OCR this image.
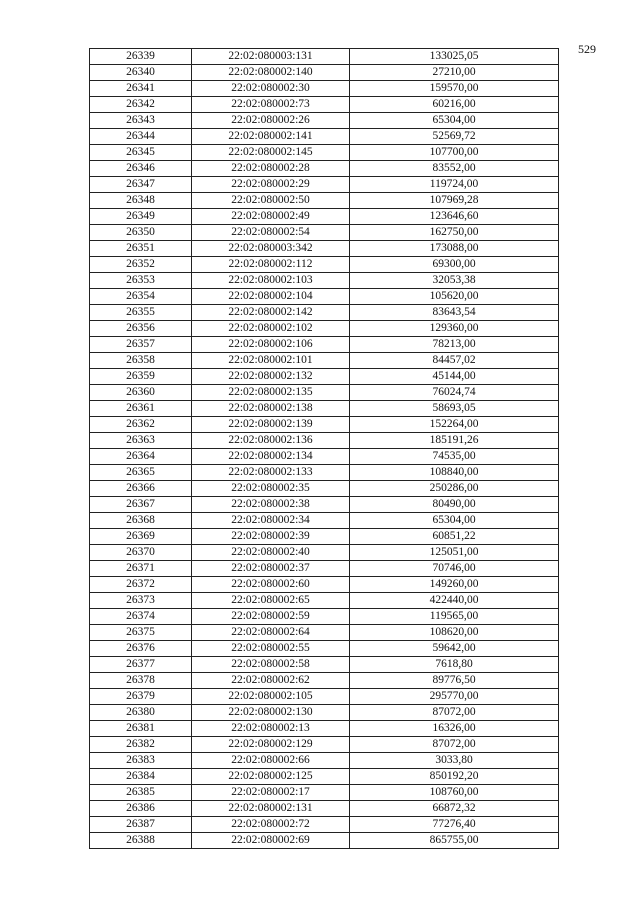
529
26339	22:02:080003:131	133025,05
26340	22:02:080002:140	27210,00
26341	22:02:080002:30	159570,00
26342	22:02:080002:73	60216,00
26343	22:02:080002:26	65304,00
26344	22:02:080002:141	52569,72
26345	22:02:080002:145	107700,00
26346	22:02:080002:28	83552,00
26347	22:02:080002:29	119724,00
26348	22:02:080002:50	107969,28
26349	22:02:080002:49	123646,60
26350	22:02:080002:54	162750,00
26351	22:02:080003:342	173088,00
26352	22:02:080002:112	69300,00
26353	22:02:080002:103	32053,38
26354	22:02:080002:104	105620,00
26355	22:02:080002:142	83643,54
26356	22:02:080002:102	129360,00
26357	22:02:080002:106	78213,00
26358	22:02:080002:101	84457,02
26359	22:02:080002:132	45144,00
26360	22:02:080002:135	76024,74
26361	22:02:080002:138	58693,05
26362	22:02:080002:139	152264,00
26363	22:02:080002:136	185191,26
26364	22:02:080002:134	74535,00
26365	22:02:080002:133	108840,00
26366	22:02:080002:35	250286,00
26367	22:02:080002:38	80490,00
26368	22:02:080002:34	65304,00
26369	22:02:080002:39	60851,22
26370	22:02:080002:40	125051,00
26371	22:02:080002:37	70746,00
26372	22:02:080002:60	149260,00
26373	22:02:080002:65	422440,00
26374	22:02:080002:59	119565,00
26375	22:02:080002:64	108620,00
26376	22:02:080002:55	59642,00
26377	22:02:080002:58	7618,80
26378	22:02:080002:62	89776,50
26379	22:02:080002:105	295770,00
26380	22:02:080002:130	87072,00
26381	22:02:080002:13	16326,00
26382	22:02:080002:129	87072,00
26383	22:02:080002:66	3033,80
26384	22:02:080002:125	850192,20
26385	22:02:080002:17	108760,00
26386	22:02:080002:131	66872,32
26387	22:02:080002:72	77276,40
26388	22:02:080002:69	865755,00
